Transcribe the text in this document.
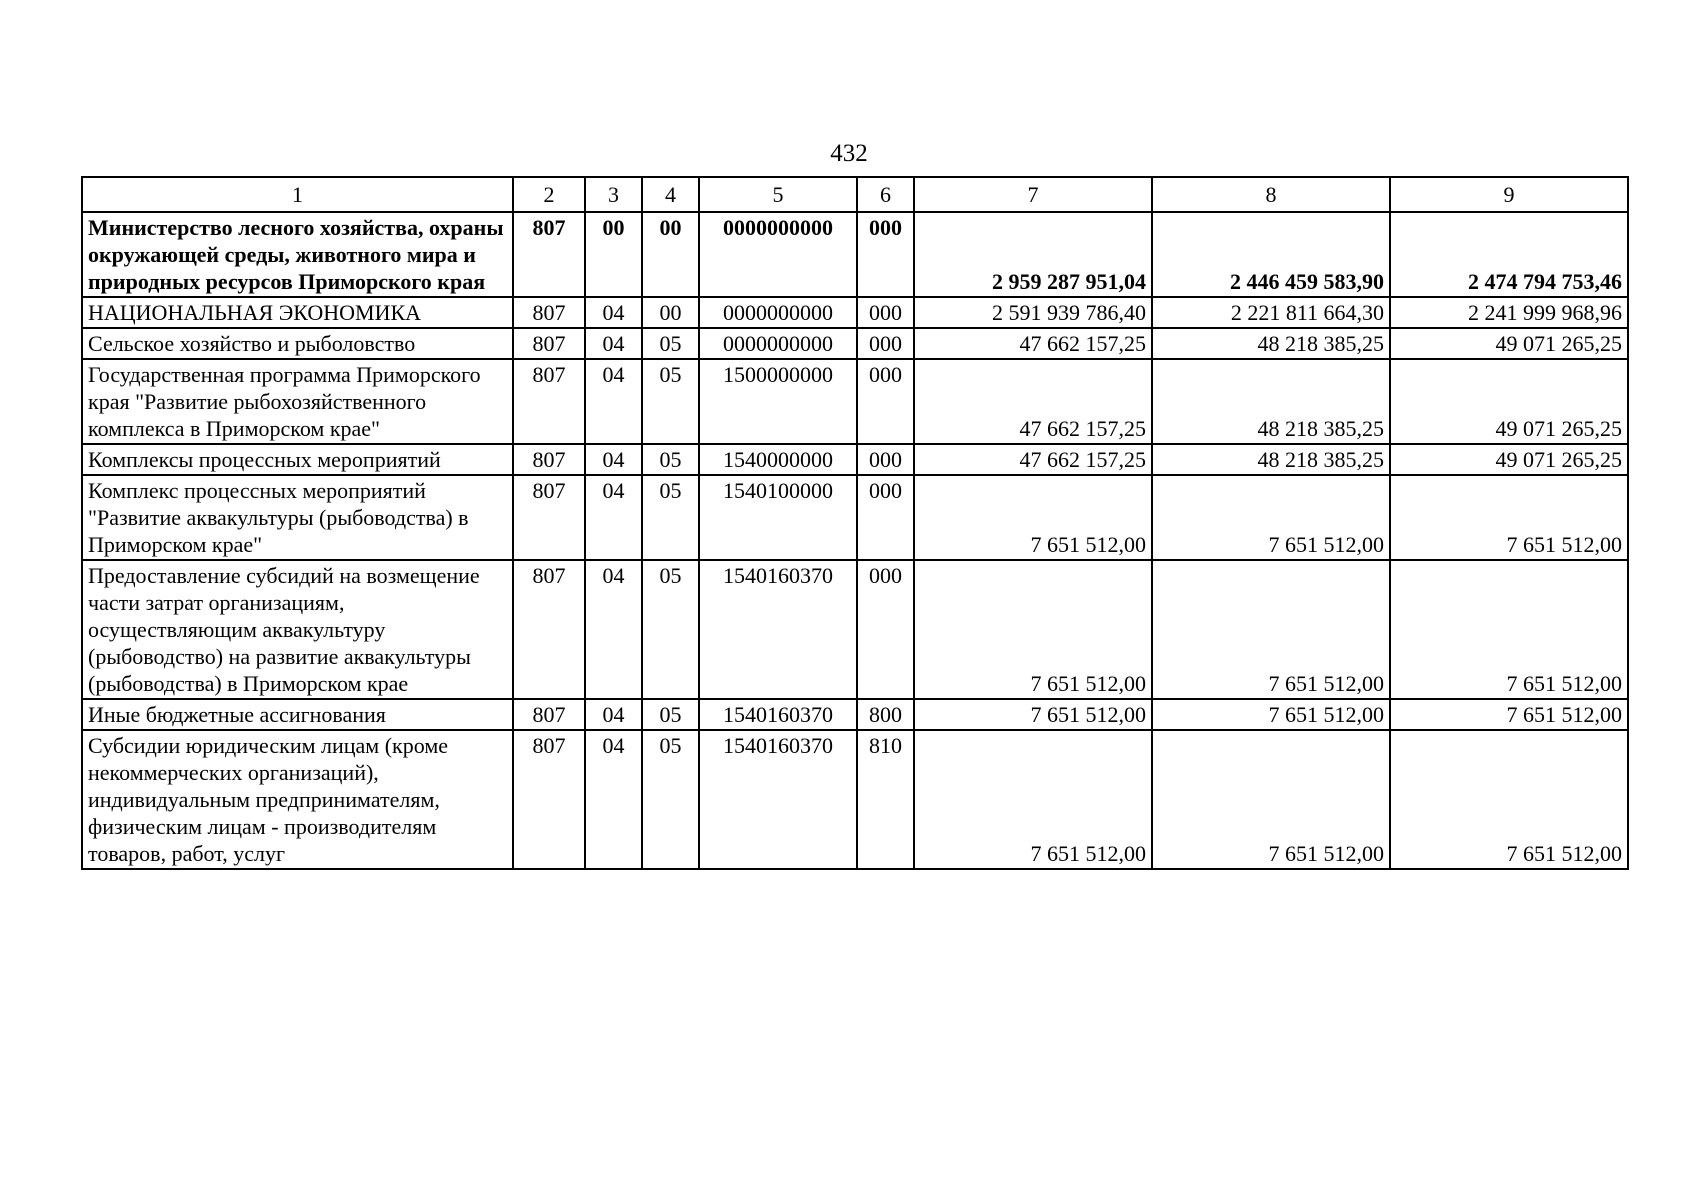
432
1	2	3	4	5	6	7	8	9
Министерство лесного хозяйства, охраны окружающей среды, животного мира и природных ресурсов Приморского края	807	00	00	0000000000	000	2 959 287 951,04	2 446 459 583,90	2 474 794 753,46
НАЦИОНАЛЬНАЯ ЭКОНОМИКА	807	04	00	0000000000	000	2 591 939 786,40	2 221 811 664,30	2 241 999 968,96
Сельское хозяйство и рыболовство	807	04	05	0000000000	000	47 662 157,25	48 218 385,25	49 071 265,25
Государственная программа Приморского края "Развитие рыбохозяйственного комплекса в Приморском крае"	807	04	05	1500000000	000	47 662 157,25	48 218 385,25	49 071 265,25
Комплексы процессных мероприятий	807	04	05	1540000000	000	47 662 157,25	48 218 385,25	49 071 265,25
Комплекс процессных мероприятий "Развитие аквакультуры (рыбоводства) в Приморском крае"	807	04	05	1540100000	000	7 651 512,00	7 651 512,00	7 651 512,00
Предоставление субсидий на возмещение части затрат организациям, осуществляющим аквакультуру (рыбоводство) на развитие аквакультуры (рыбоводства) в Приморском крае	807	04	05	1540160370	000	7 651 512,00	7 651 512,00	7 651 512,00
Иные бюджетные ассигнования	807	04	05	1540160370	800	7 651 512,00	7 651 512,00	7 651 512,00
Субсидии юридическим лицам (кроме некоммерческих организаций), индивидуальным предпринимателям, физическим лицам - производителям товаров, работ, услуг	807	04	05	1540160370	810	7 651 512,00	7 651 512,00	7 651 512,00
